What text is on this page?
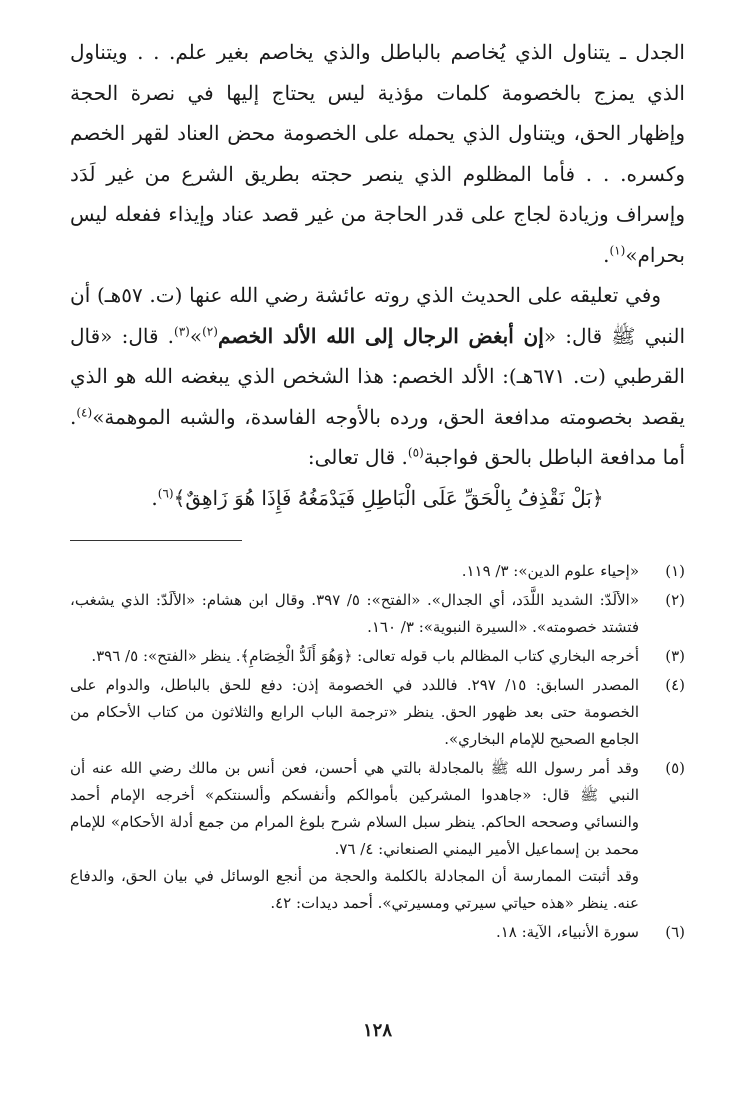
الجدل ـ يتناول الذي يُخاصم بالباطل والذي يخاصم بغير علم. . . ويتناول الذي يمزج بالخصومة كلمات مؤذية ليس يحتاج إليها في نصرة الحجة وإظهار الحق، ويتناول الذي يحمله على الخصومة محض العناد لقهر الخصم وكسره. . . فأما المظلوم الذي ينصر حجته بطريق الشرع من غير لَدَد وإسراف وزيادة لجاج على قدر الحاجة من غير قصد عناد وإيذاء ففعله ليس بحرام»$^{(١)}$.

وفي تعليقه على الحديث الذي روته عائشة رضي الله عنها (ت. ٥٧هـ) أن النبي ﷺ قال: «إن أبغض الرجال إلى الله الألد الخصم$^{(٢)}$»$^{(٣)}$. قال: «قال القرطبي (ت. ٦٧١هـ): الألد الخصم: هذا الشخص الذي يبغضه الله هو الذي يقصد بخصومته مدافعة الحق، ورده بالأوجه الفاسدة، والشبه الموهمة»$^{(٤)}$. أما مدافعة الباطل بالحق فواجبة$^{(٥)}$. قال تعالى:

﴿بَلْ نَقْذِفُ بِالْحَقِّ عَلَى الْبَاطِلِ فَيَدْمَغُهُ فَإِذَا هُوَ زَاهِقٌ﴾$^{(٦)}$.

(١)
«إحياء علوم الدين»: ٣/ ١١٩.
(٢)
«الألَدّ: الشديد اللَّدَد، أي الجدال». «الفتح»: ٥/ ٣٩٧. وقال ابن هشام: «الألَدّ: الذي يشغب، فتشتد خصومته». «السيرة النبوية»: ٣/ ١٦٠.
(٣)
أخرجه البخاري كتاب المظالم باب قوله تعالى: ﴿وَهُوَ أَلَدُّ الْخِصَامِ﴾. ينظر «الفتح»: ٥/ ٣٩٦.
(٤)
المصدر السابق: ١٥/ ٢٩٧. فاللدد في الخصومة إذن: دفع للحق بالباطل، والدوام على الخصومة حتى بعد ظهور الحق. ينظر «ترجمة الباب الرابع والثلاثون من كتاب الأحكام من الجامع الصحيح للإمام البخاري».
(٥)

وقد أمر رسول الله ﷺ بالمجادلة بالتي هي أحسن، فعن أنس بن مالك رضي الله عنه أن النبي ﷺ قال: «جاهدوا المشركين بأموالكم وأنفسكم وألسنتكم» أخرجه الإمام أحمد والنسائي وصححه الحاكم. ينظر سبل السلام شرح بلوغ المرام من جمع أدلة الأحكام» للإمام محمد بن إسماعيل الأمير اليمني الصنعاني: ٤/ ٧٦.

وقد أثبتت الممارسة أن المجادلة بالكلمة والحجة من أنجع الوسائل في بيان الحق، والدفاع عنه. ينظر «هذه حياتي سيرتي ومسيرتي». أحمد ديدات: ٤٢.

(٦)
سورة الأنبياء، الآية: ١٨.
١٢٨
